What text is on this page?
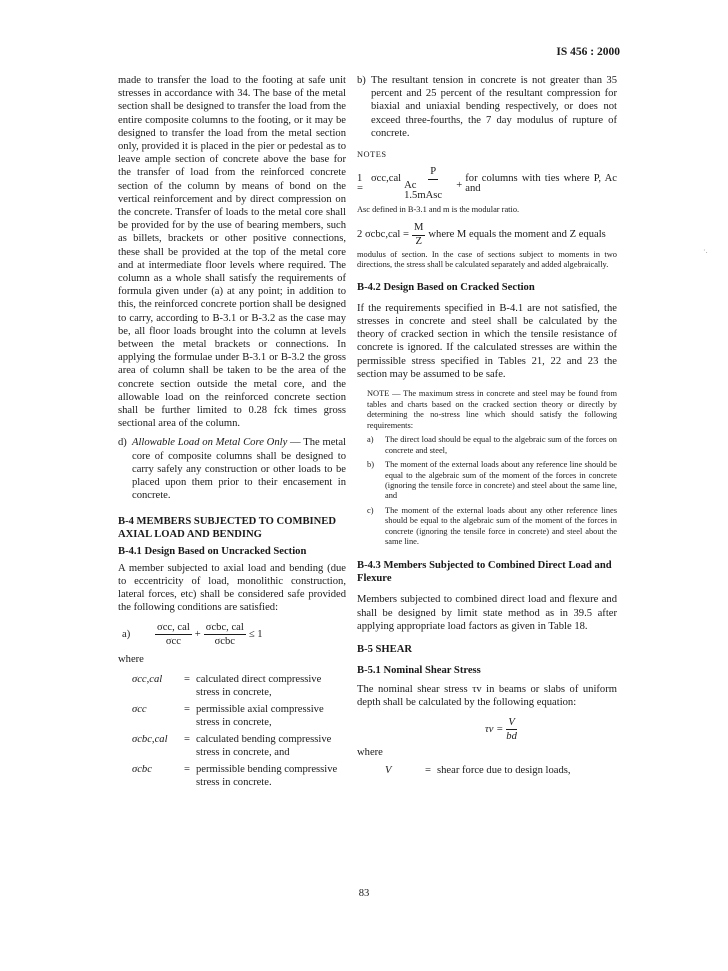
IS 456 : 2000

made to transfer the load to the footing at safe unit stresses in accordance with 34. The base of the metal section shall be designed to transfer the load from the entire composite columns to the footing, or it may be designed to transfer the load from the metal section only, provided it is placed in the pier or pedestal as to leave ample section of concrete above the base for the transfer of load from the reinforced concrete section of the column by means of bond on the vertical reinforcement and by direct compression on the concrete. Transfer of loads to the metal core shall be provided for by the use of bearing members, such as billets, brackets or other positive connections, these shall be provided at the top of the metal core and at intermediate floor levels where required. The column as a whole shall satisfy the requirements of formula given under (a) at any point; in addition to this, the reinforced concrete portion shall be designed to carry, according to B-3.1 or B-3.2 as the case may be, all floor loads brought into the column at levels between the metal brackets or connections. In applying the formulae under B-3.1 or B-3.2 the gross area of column shall be taken to be the area of the concrete section outside the metal core, and the allowable load on the reinforced concrete section shall be further limited to 0.28 fck times gross sectional area of the column.

d) Allowable Load on Metal Core Only — The metal core of composite columns shall be designed to carry safely any construction or other loads to be placed upon them prior to their encasement in concrete.
B-4 MEMBERS SUBJECTED TO COMBINED
AXIAL LOAD AND BENDING
B-4.1 Design Based on Uncracked Section

A member subjected to axial load and bending (due to eccentricity of load, monolithic construction, lateral forces, etc) shall be considered safe provided the following conditions are satisfied:

a)	$\frac{\text{σcc, cal}}{\text{σcc}} + \frac{\text{σcbc, cal}}{\text{σcbc}} \le 1$
where
σcc,cal	= calculated direct compressive stress in concrete,
σcc	= permissible axial compressive stress in concrete,
σcbc,cal	= calculated bending compressive stress in concrete, and
σcbc	= permissible bending compressive stress in concrete.
b) The resultant tension in concrete is not greater than 35 percent and 25 percent of the resultant compression for biaxial and uniaxial bending respectively, or does not exceed three-fourths, the 7 day modulus of rupture of concrete.
NOTES
1 σcc,cal =	$\frac{P}{\text{Ac + 1.5mAsc}}$ for columns with ties where P, Ac and
Asc defined in B-3.1 and m is the modular ratio.
2 $\sigma cbc,cal = \frac{M}{Z}$ where M equals the moment and Z equals
modulus of section. In the case of sections subject to moments in two directions, the stress shall be calculated separately and added algebraically.
B-4.2 Design Based on Cracked Section

If the requirements specified in B-4.1 are not satisfied, the stresses in concrete and steel shall be calculated by the theory of cracked section in which the tensile resistance of concrete is ignored. If the calculated stresses are within the permissible stress specified in Tables 21, 22 and 23 the section may be assumed to be safe.

NOTE — The maximum stress in concrete and steel may be found from tables and charts based on the cracked section theory or directly by determining the no-stress line which should satisfy the following requirements:

a)	The direct load should be equal to the algebraic sum of the forces on concrete and steel,
b)	The moment of the external loads about any reference line should be equal to the algebraic sum of the moment of the forces in concrete (ignoring the tensile force in concrete) and steel about the same line, and
c)	The moment of the external loads about any other reference lines should be equal to the algebraic sum of the moment of the forces in concrete (ignoring the tensile force in concrete) and steel about the same line.
B-4.3 Members Subjected to Combined Direct Load and Flexure

Members subjected to combined direct load and flexure and shall be designed by limit state method as in 39.5 after applying appropriate load factors as given in Table 18.

B-5 SHEAR
B-5.1 Nominal Shear Stress

The nominal shear stress τv in beams or slabs of uniform depth shall be calculated by the following equation:

$\tau v = \frac{V}{bd}$
where
V	= shear force due to design loads,
83
·.
